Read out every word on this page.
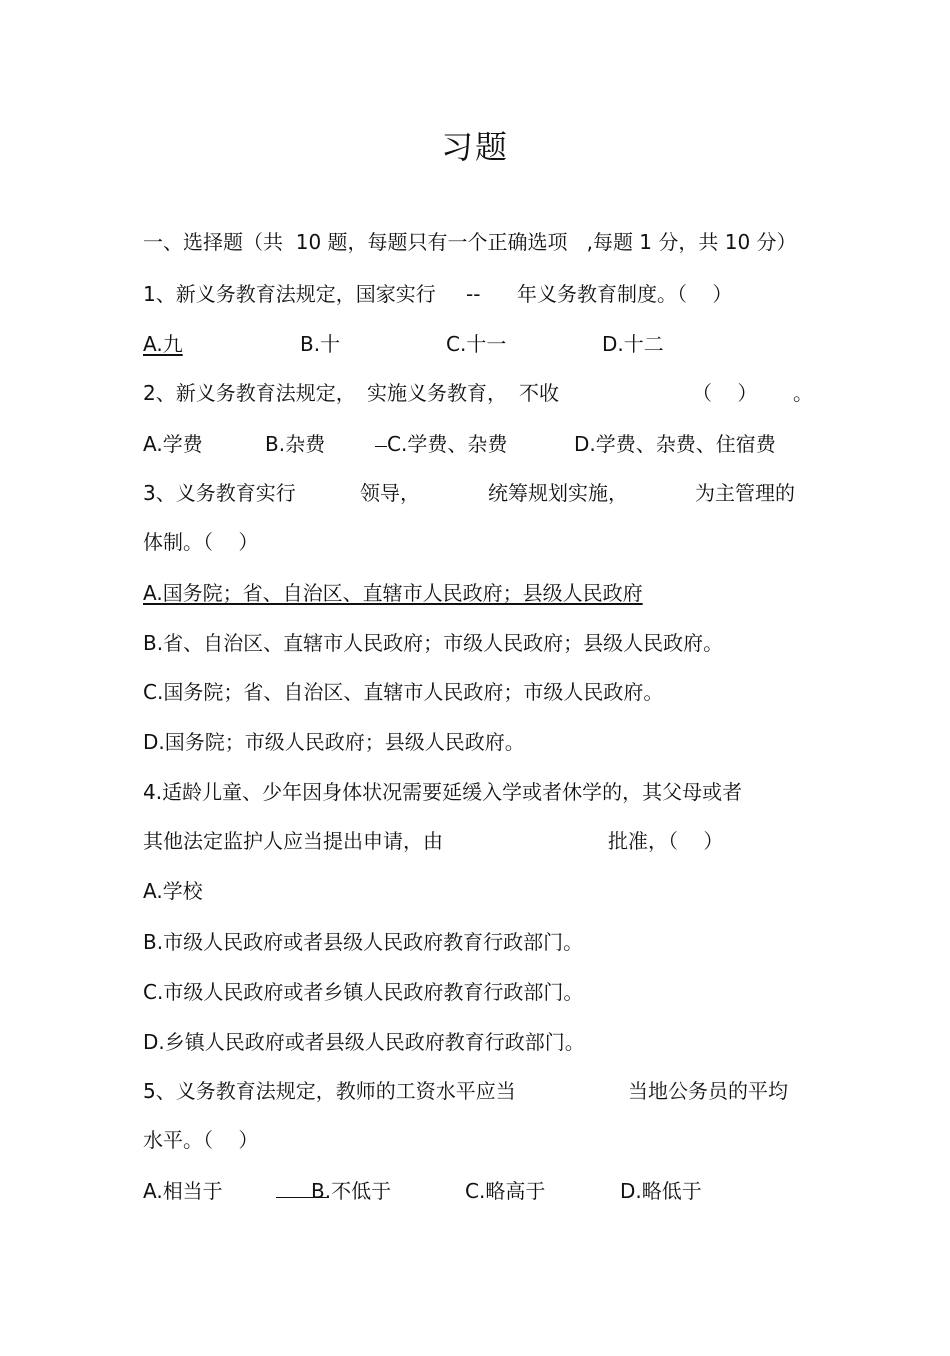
习题
一、选择题（共  10 题，每题只有一个正确选项   ,每题 1 分，共 10 分）

1、新义务教育法规定，国家实行

--

年义务教育制度。（    ）

A.九

	B.十

	C.十一

	D.十二

2、新义务教育法规定，

实施义务教育，

不收

	（    ）

。

A.学费

	B.杂费

	C.学费、杂费

	D.学费、杂费、住宿费

3、义务教育实行

	领导，

	统筹规划实施，

	为主管理的

体制。（    ）
A.国务院；省、自治区、直辖市人民政府；县级人民政府
B.省、自治区、直辖市人民政府；市级人民政府；县级人民政府。
C.国务院；省、自治区、直辖市人民政府；市级人民政府。
D.国务院；市级人民政府；县级人民政府。
4.适龄儿童、少年因身体状况需要延缓入学或者休学的，其父母或者

其他法定监护人应当提出申请，由

	批准，（    ）

A.学校
B.市级人民政府或者县级人民政府教育行政部门。
C.市级人民政府或者乡镇人民政府教育行政部门。
D.乡镇人民政府或者县级人民政府教育行政部门。

5、义务教育法规定，教师的工资水平应当

	当地公务员的平均

水平。（    ）

A.相当于

	B.不低于

	C.略高于

	D.略低于
